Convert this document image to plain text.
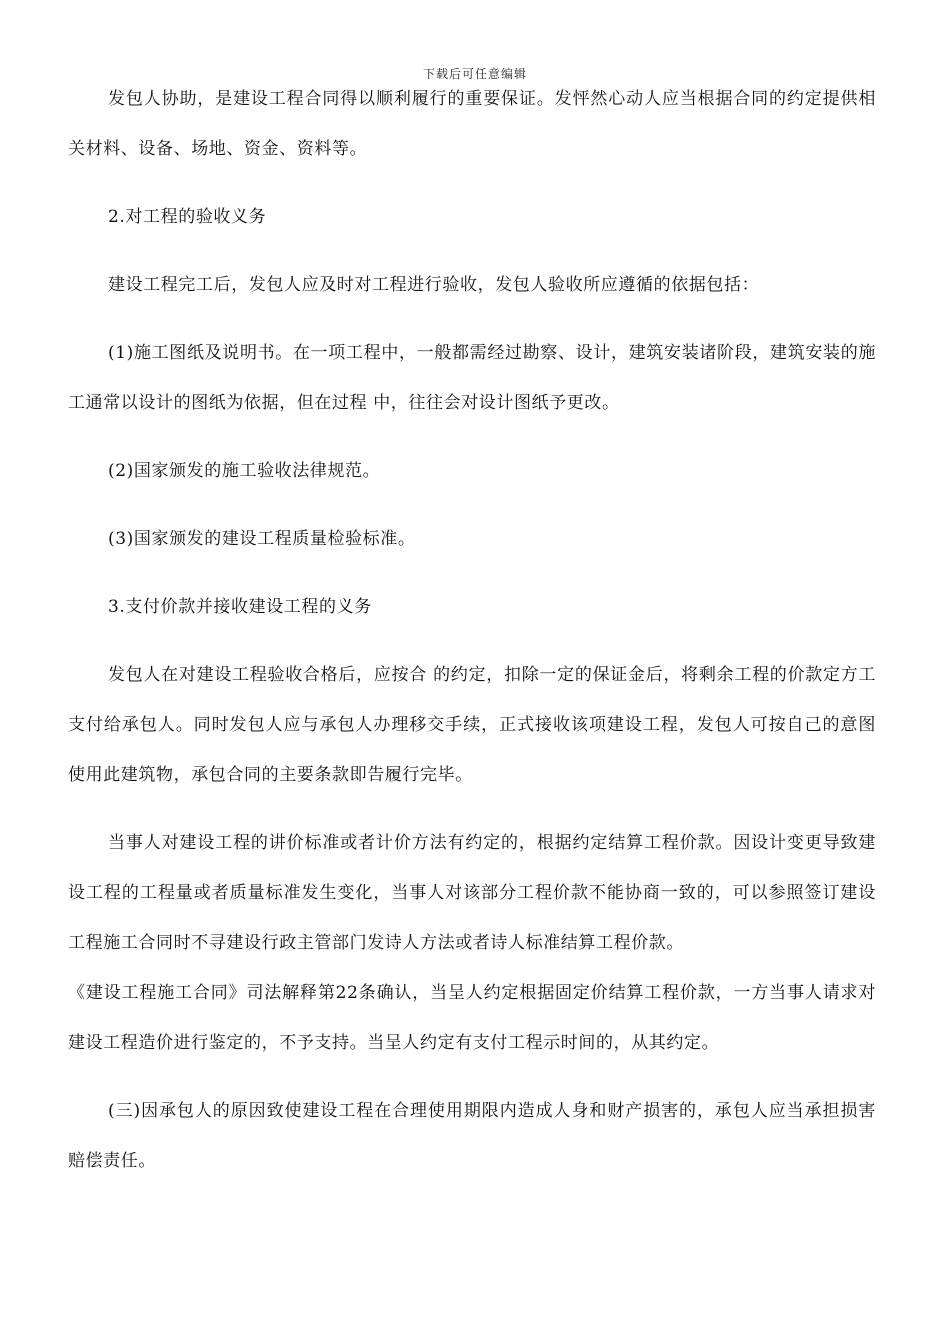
下载后可任意编辑

发包人协助，是建设工程合同得以顺利履行的重要保证。发怦然心动人应当根据合同的约定提供相关材料、设备、场地、资金、资料等。

2.对工程的验收义务

建设工程完工后，发包人应及时对工程进行验收，发包人验收所应遵循的依据包括：

(1)施工图纸及说明书。在一项工程中，一般都需经过勘察、设计，建筑安装诸阶段，建筑安装的施工通常以设计的图纸为依据，但在过程 中，往往会对设计图纸予更改。

(2)国家颁发的施工验收法律规范。

(3)国家颁发的建设工程质量检验标准。

3.支付价款并接收建设工程的义务

发包人在对建设工程验收合格后，应按合 的约定，扣除一定的保证金后，将剩余工程的价款定方工支付给承包人。同时发包人应与承包人办理移交手续，正式接收该项建设工程，发包人可按自己的意图使用此建筑物，承包合同的主要条款即告履行完毕。

当事人对建设工程的讲价标准或者计价方法有约定的，根据约定结算工程价款。因设计变更导致建设工程的工程量或者质量标准发生变化，当事人对该部分工程价款不能协商一致的，可以参照签订建设工程施工合同时不寻建设行政主管部门发诗人方法或者诗人标准结算工程价款。

《建设工程施工合同》司法解释第22条确认，当呈人约定根据固定价结算工程价款，一方当事人请求对建设工程造价进行鉴定的，不予支持。当呈人约定有支付工程示时间的，从其约定。

(三)因承包人的原因致使建设工程在合理使用期限内造成人身和财产损害的，承包人应当承担损害赔偿责任。
